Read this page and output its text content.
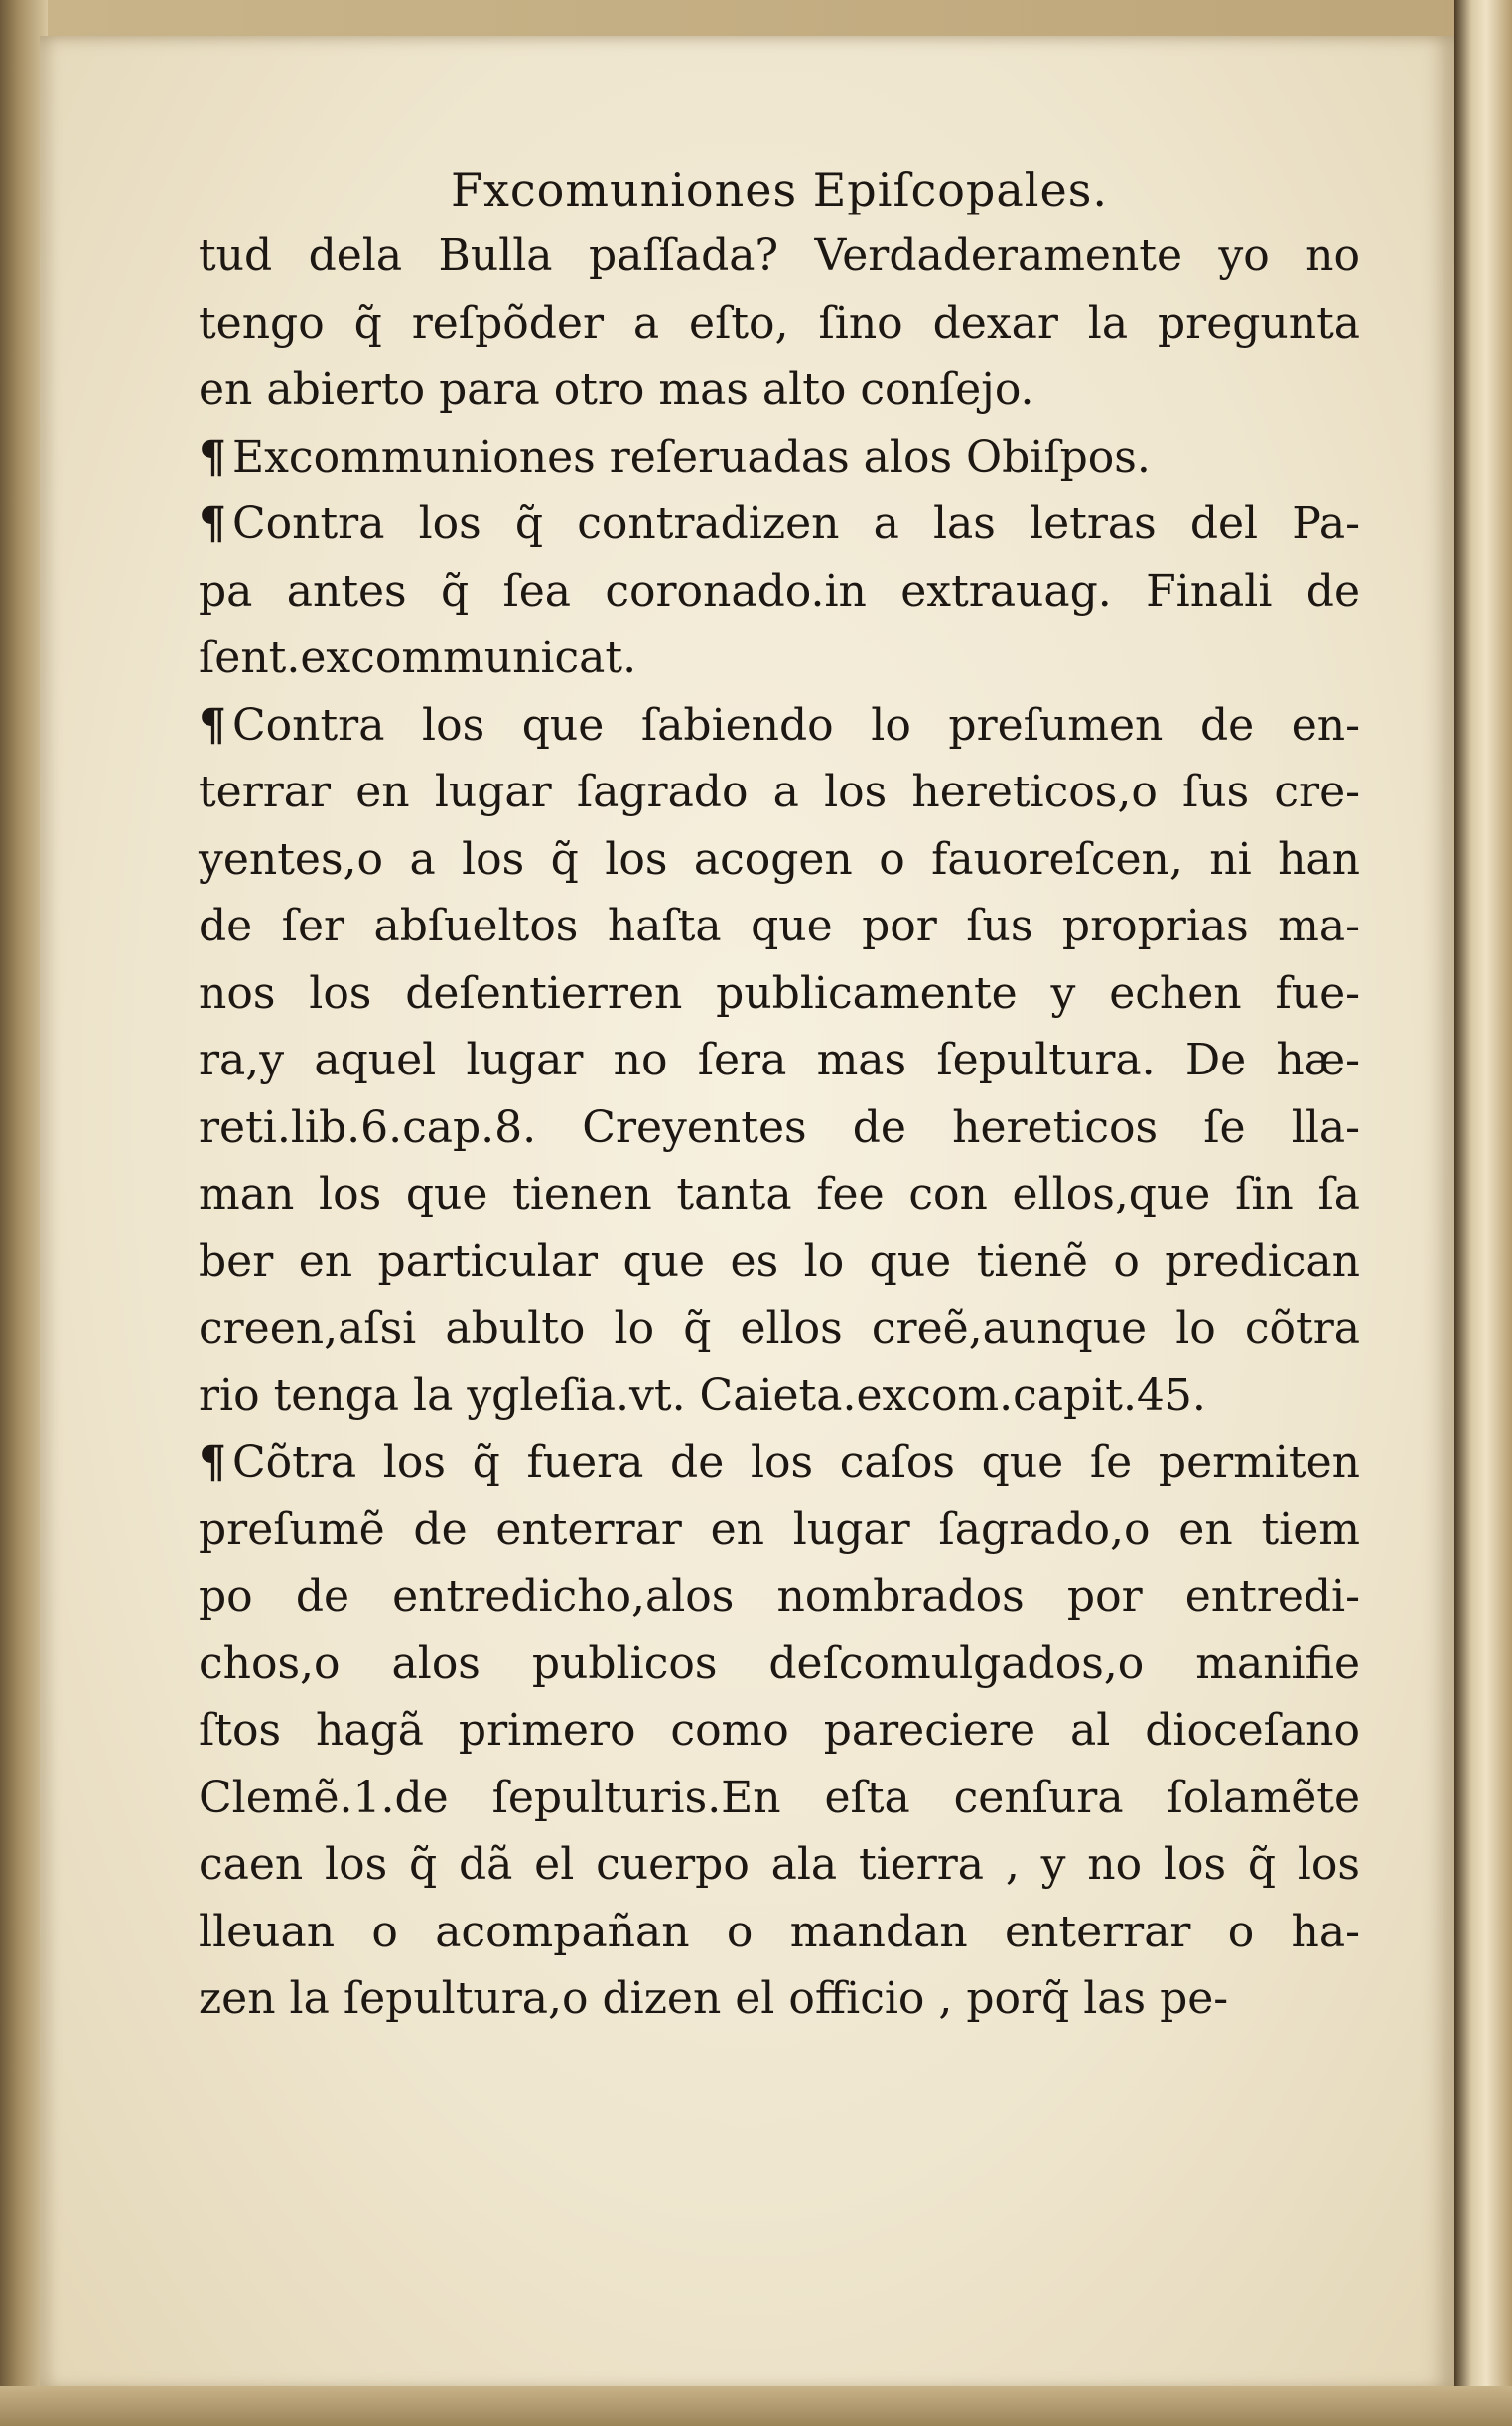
Fxcomuniones Epiſcopales.
tud dela Bulla paſſada? Verdaderamente yo no
tengo q̃ reſpõder a eſto, ſino dexar la pregunta
en abierto para otro mas alto conſejo.
¶ Excommuniones reſeruadas alos Obiſpos.
¶ Contra los q̃ contradizen a las letras del Pa-
pa antes q̃ ſea coronado.in extrauag. Finali de
ſent.excommunicat.
¶ Contra los que ſabiendo lo preſumen de en-
terrar en lugar ſagrado a los hereticos,o ſus cre-
yentes,o a los q̃ los acogen o fauoreſcen, ni han
de ſer abſueltos haſta que por ſus proprias ma-
nos los deſentierren publicamente y echen fue-
ra,y aquel lugar no ſera mas ſepultura. De hæ-
reti.lib.6.cap.8. Creyentes de hereticos ſe lla-
man los que tienen tanta fee con ellos,que ſin ſa
ber en particular que es lo que tienẽ o predican
creen,aſsi abulto lo q̃ ellos creẽ,aunque lo cõtra
rio tenga la ygleſia.vt. Caieta.excom.capit.45.
¶ Cõtra los q̃ fuera de los caſos que ſe permiten
preſumẽ de enterrar en lugar ſagrado,o en tiem
po de entredicho,alos nombrados por entredi-
chos,o alos publicos deſcomulgados,o manifie
ſtos hagã primero como pareciere al dioceſano
Clemẽ.1.de ſepulturis.En eſta cenſura ſolamẽte
caen los q̃ dã el cuerpo ala tierra , y no los q̃ los
lleuan o acompañan o mandan enterrar o ha-
zen la ſepultura,o dizen el officio , porq̃ las pe-
